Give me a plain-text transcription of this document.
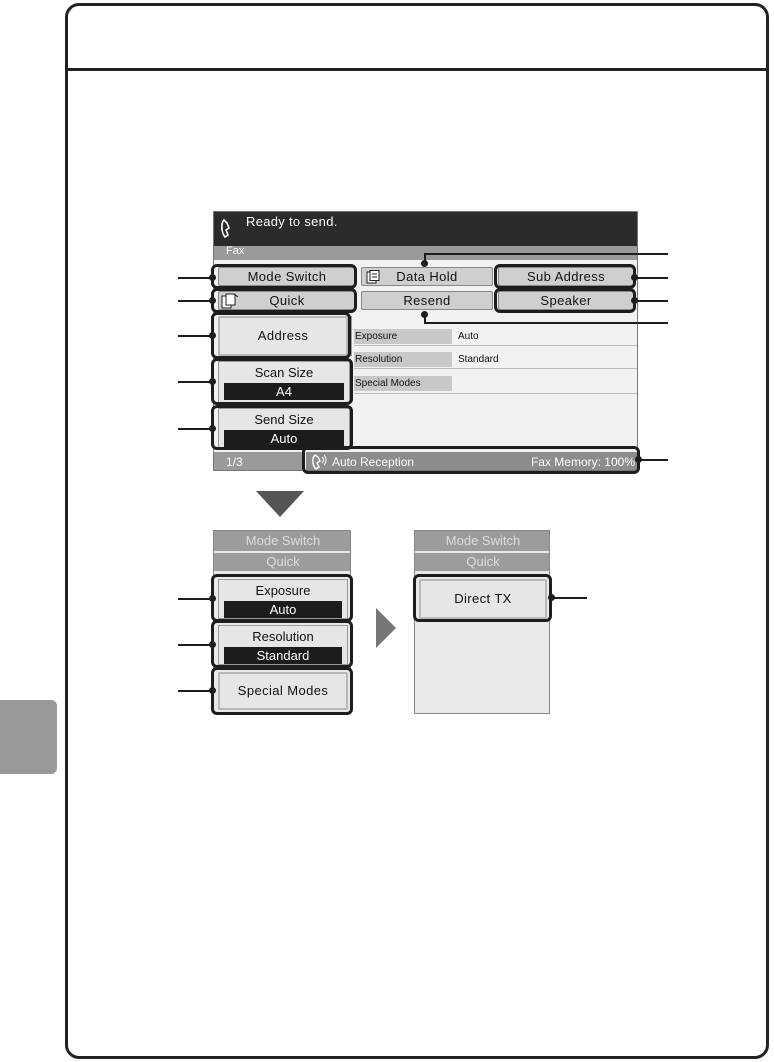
Ready to send.
Fax
Mode Switch	Data Hold	Sub Address
Quick	Resend	Speaker
Address
Scan Size
A4
Send Size
Auto
Exposure	Auto
Resolution	Standard
Special Modes
1/3	Auto Reception	Fax Memory: 100%
Mode Switch
Quick
Exposure
Auto
Resolution
Standard
Special Modes
Mode Switch
Quick
Direct TX
